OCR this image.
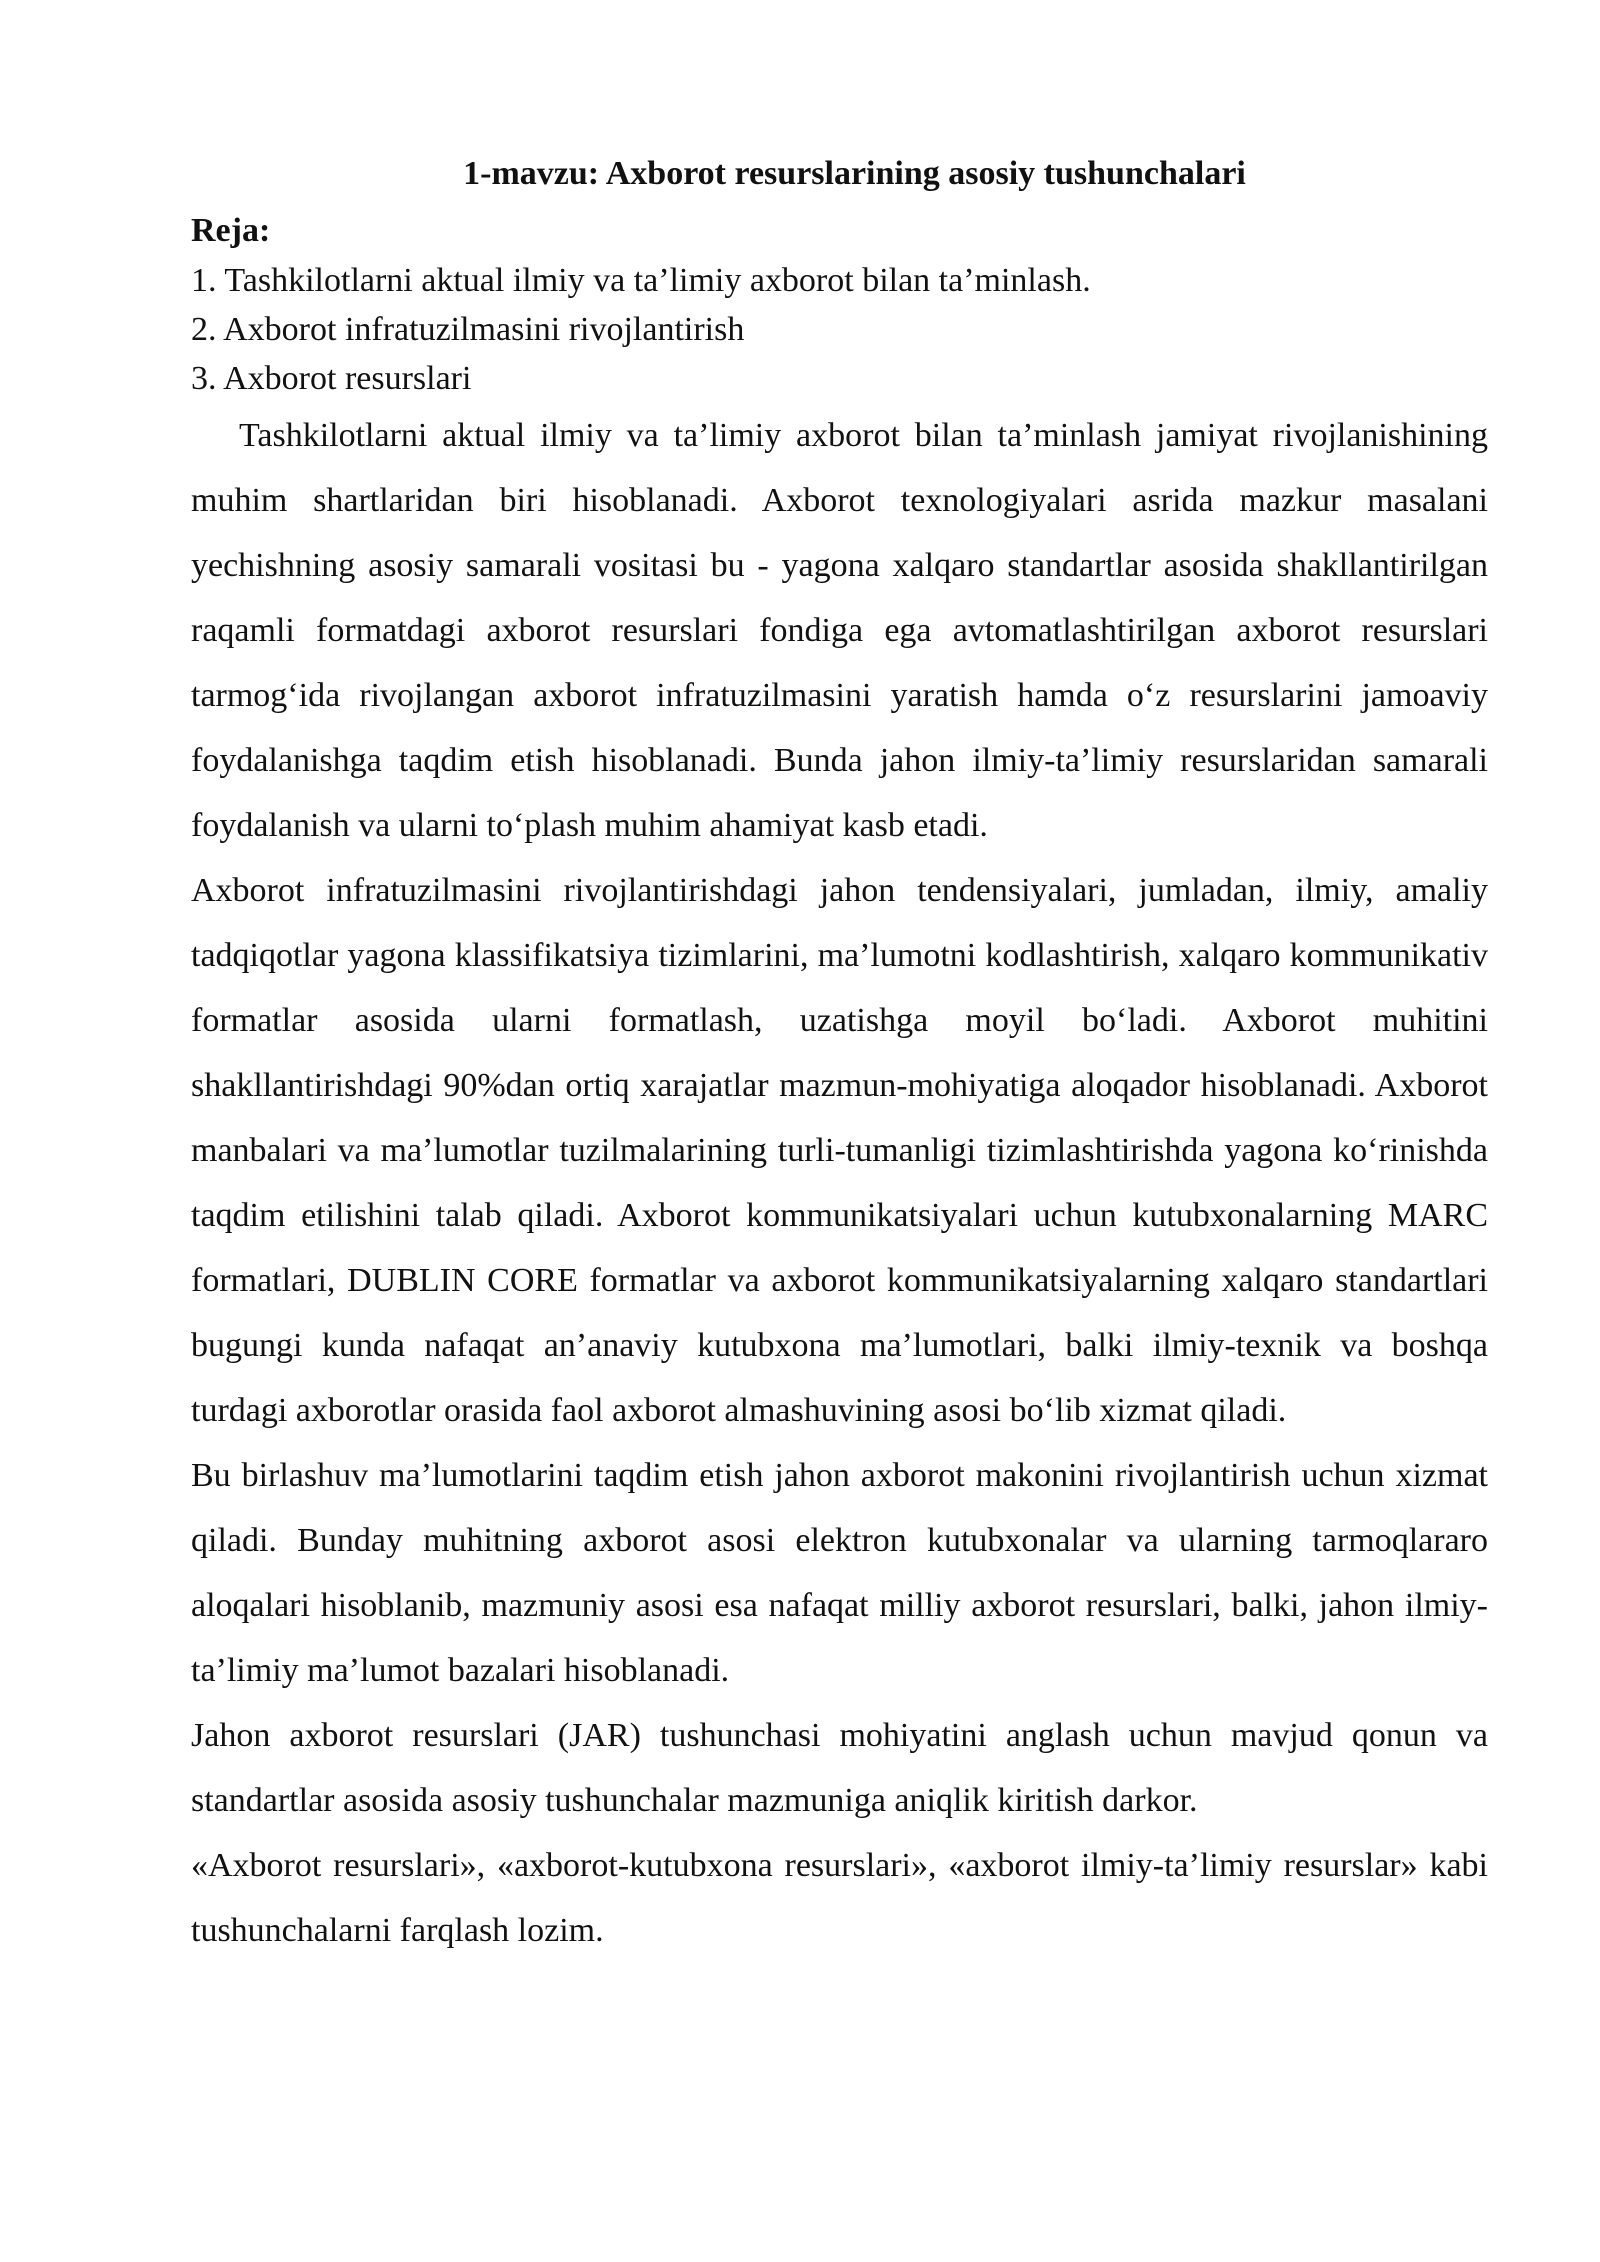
1-mavzu: Axborot resurslarining asosiy tushunchalari
Reja:
1. Tashkilotlarni aktual ilmiy va ta’limiy axborot bilan ta’minlash.
2. Axborot infratuzilmasini rivojlantirish
3. Axborot resurslari

Tashkilotlarni aktual ilmiy va ta’limiy axborot bilan ta’minlash jamiyat rivojlanishining muhim shartlaridan biri hisoblanadi. Axborot texnologiyalari asrida mazkur masalani yechishning asosiy samarali vositasi bu - yagona xalqaro standartlar asosida shakllantirilgan raqamli formatdagi axborot resurslari fondiga ega avtomatlashtirilgan axborot resurslari tarmog‘ida rivojlangan axborot infratuzilmasini yaratish hamda o‘z resurslarini jamoaviy foydalanishga taqdim etish hisoblanadi. Bunda jahon ilmiy-ta’limiy resurslaridan samarali foydalanish va ularni to‘plash muhim ahamiyat kasb etadi.

Axborot infratuzilmasini rivojlantirishdagi jahon tendensiyalari, jumladan, ilmiy, amaliy tadqiqotlar yagona klassifikatsiya tizimlarini, ma’lumotni kodlashtirish, xalqaro kommunikativ formatlar asosida ularni formatlash, uzatishga moyil bo‘ladi. Axborot muhitini shakllantirishdagi 90%dan ortiq xarajatlar mazmun-mohiyatiga aloqador hisoblanadi. Axborot manbalari va ma’lumotlar tuzilmalarining turli-tumanligi tizimlashtirishda yagona ko‘rinishda taqdim etilishini talab qiladi. Axborot kommunikatsiyalari uchun kutubxonalarning MARC formatlari, DUBLIN CORE formatlar va axborot kommunikatsiyalarning xalqaro standartlari bugungi kunda nafaqat an’anaviy kutubxona ma’lumotlari, balki ilmiy-texnik va boshqa turdagi axborotlar orasida faol axborot almashuvining asosi bo‘lib xizmat qiladi.

Bu birlashuv ma’lumotlarini taqdim etish jahon axborot makonini rivojlantirish uchun xizmat qiladi. Bunday muhitning axborot asosi elektron kutubxonalar va ularning tarmoqlararo aloqalari hisoblanib, mazmuniy asosi esa nafaqat milliy axborot resurslari, balki, jahon ilmiy-ta’limiy ma’lumot bazalari hisoblanadi.

Jahon axborot resurslari (JAR) tushunchasi mohiyatini anglash uchun mavjud qonun va standartlar asosida asosiy tushunchalar mazmuniga aniqlik kiritish darkor.

«Axborot resurslari», «axborot-kutubxona resurslari», «axborot ilmiy-ta’limiy resurslar» kabi tushunchalarni farqlash lozim.
